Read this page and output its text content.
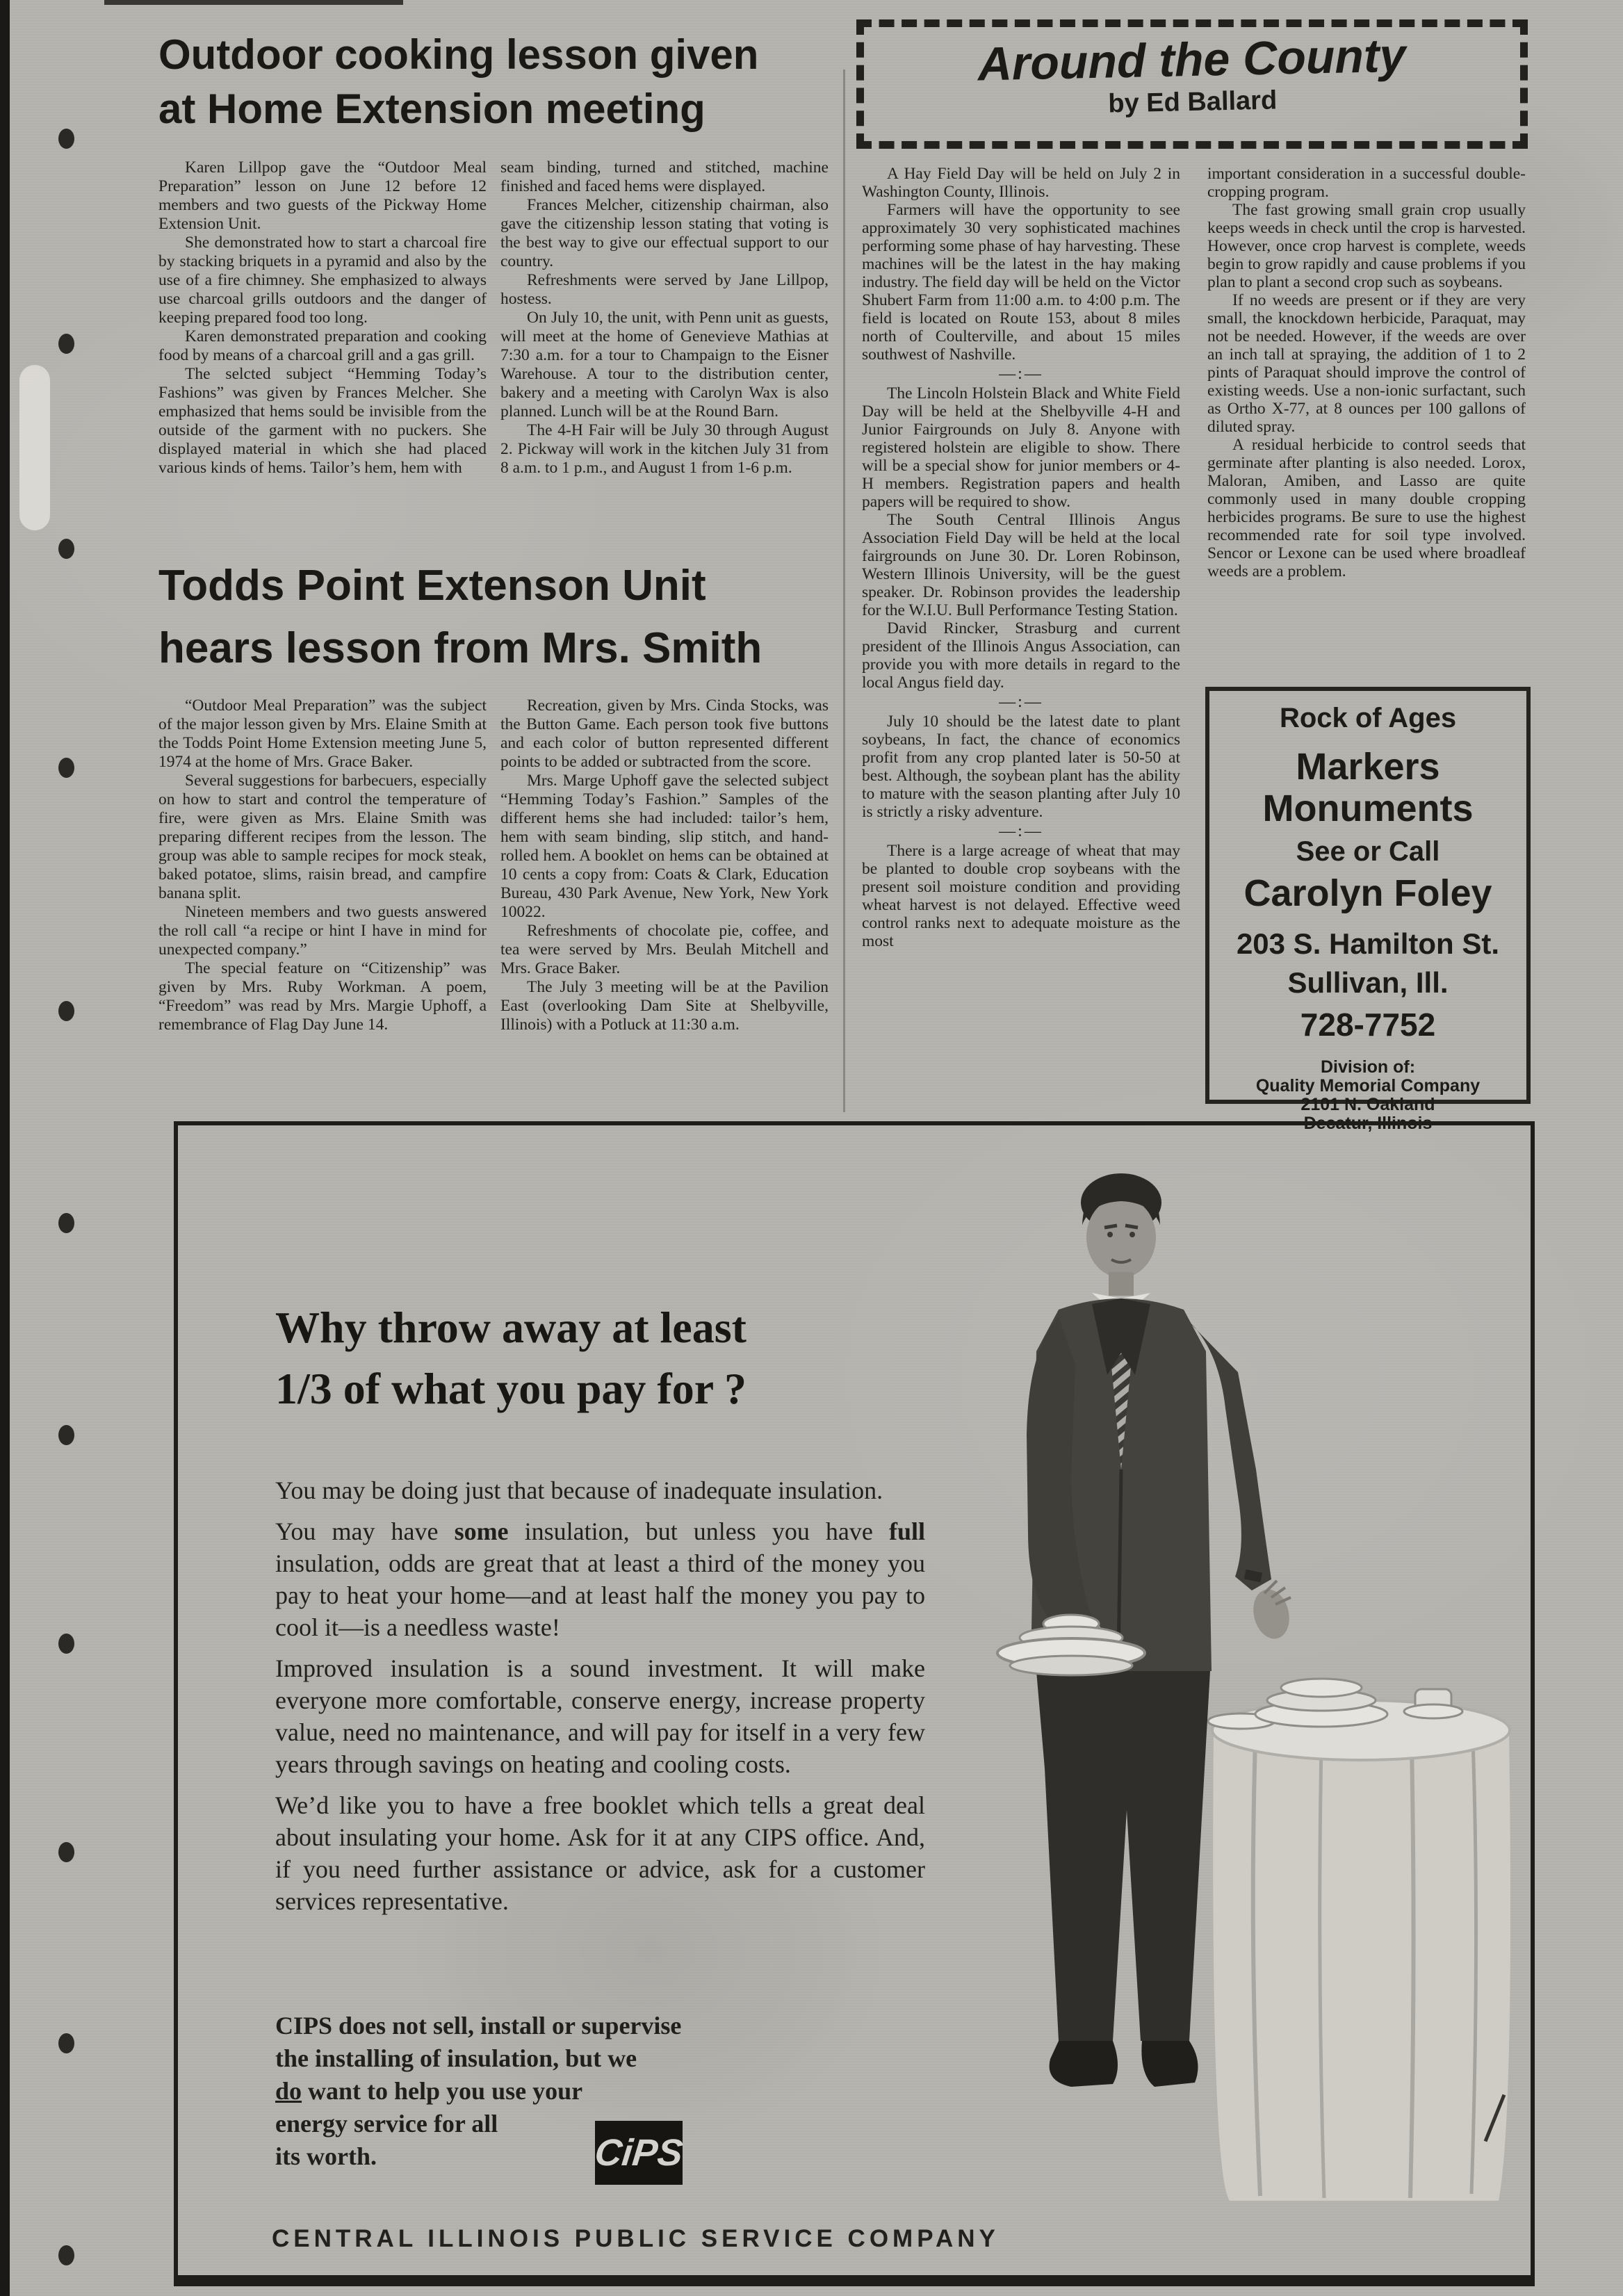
Outdoor cooking lesson given
at Home Extension meeting

Karen Lillpop gave the “Outdoor Meal Preparation” lesson on June 12 before 12 members and two guests of the Pickway Home Extension Unit.

She demonstrated how to start a charcoal fire by stacking briquets in a pyramid and also by the use of a fire chimney. She emphasized to always use charcoal grills outdoors and the danger of keeping prepared food too long.

Karen demonstrated preparation and cooking food by means of a charcoal grill and a gas grill.

The selcted subject “Hemming Today’s Fashions” was given by Frances Melcher. She emphasized that hems sould be invisible from the outside of the garment with no puckers. She displayed material in which she had placed various kinds of hems. Tailor’s hem, hem with

seam binding, turned and stitched, machine finished and faced hems were displayed.

Frances Melcher, citizenship chairman, also gave the citizenship lesson stating that voting is the best way to give our effectual support to our country.

Refreshments were served by Jane Lillpop, hostess.

On July 10, the unit, with Penn unit as guests, will meet at the home of Genevieve Mathias at 7:30 a.m. for a tour to Champaign to the Eisner Warehouse. A tour to the distribution center, bakery and a meeting with Carolyn Wax is also planned. Lunch will be at the Round Barn.

The 4-H Fair will be July 30 through August 2. Pickway will work in the kitchen July 31 from 8 a.m. to 1 p.m., and August 1 from 1-6 p.m.

Around the County
by Ed Ballard

A Hay Field Day will be held on July 2 in Washington County, Illinois.

Farmers will have the opportunity to see approximately 30 very sophisticated machines performing some phase of hay harvesting. These machines will be the latest in the hay making industry. The field day will be held on the Victor Shubert Farm from 11:00 a.m. to 4:00 p.m. The field is located on Route 153, about 8 miles north of Coulterville, and about 15 miles southwest of Nashville.

—:—

The Lincoln Holstein Black and White Field Day will be held at the Shelbyville 4-H and Junior Fairgrounds on July 8. Anyone with registered holstein are eligible to show. There will be a special show for junior members or 4-H members. Registration papers and health papers will be required to show.

The South Central Illinois Angus Association Field Day will be held at the local fairgrounds on June 30. Dr. Loren Robinson, Western Illinois University, will be the guest speaker. Dr. Robinson provides the leadership for the W.I.U. Bull Performance Testing Station.

David Rincker, Strasburg and current president of the Illinois Angus Association, can provide you with more details in regard to the local Angus field day.

—:—

July 10 should be the latest date to plant soybeans, In fact, the chance of economics profit from any crop planted later is 50-50 at best. Although, the soybean plant has the ability to mature with the season planting after July 10 is strictly a risky adventure.

—:—

There is a large acreage of wheat that may be planted to double crop soybeans with the present soil moisture condition and providing wheat harvest is not delayed. Effective weed control ranks next to adequate moisture as the most

important consideration in a successful double-cropping program.

The fast growing small grain crop usually keeps weeds in check until the crop is harvested. However, once crop harvest is complete, weeds begin to grow rapidly and cause problems if you plan to plant a second crop such as soybeans.

If no weeds are present or if they are very small, the knockdown herbicide, Paraquat, may not be needed. However, if the weeds are over an inch tall at spraying, the addition of 1 to 2 pints of Paraquat should improve the control of existing weeds. Use a non-ionic surfactant, such as Ortho X-77, at 8 ounces per 100 gallons of diluted spray.

A residual herbicide to control seeds that germinate after planting is also needed. Lorox, Maloran, Amiben, and Lasso are quite commonly used in many double cropping herbicides programs. Be sure to use the highest recommended rate for soil type involved. Sencor or Lexone can be used where broadleaf weeds are a problem.

Rock of Ages
Markers
Monuments
See or Call
Carolyn Foley
203 S. Hamilton St.
Sullivan, Ill.
728-7752
Division of:
Quality Memorial Company
2101 N. Oakland
Decatur, Illinois
Todds Point Extenson Unit
hears lesson from Mrs. Smith

“Outdoor Meal Preparation” was the subject of the major lesson given by Mrs. Elaine Smith at the Todds Point Home Extension meeting June 5, 1974 at the home of Mrs. Grace Baker.

Several suggestions for barbecuers, especially on how to start and control the temperature of fire, were given as Mrs. Elaine Smith was preparing different recipes from the lesson. The group was able to sample recipes for mock steak, baked potatoe, slims, raisin bread, and campfire banana split.

Nineteen members and two guests answered the roll call “a recipe or hint I have in mind for unexpected company.”

The special feature on “Citizenship” was given by Mrs. Ruby Workman. A poem, “Freedom” was read by Mrs. Margie Uphoff, a remembrance of Flag Day June 14.

Recreation, given by Mrs. Cinda Stocks, was the Button Game. Each person took five buttons and each color of button represented different points to be added or subtracted from the score.

Mrs. Marge Uphoff gave the selected subject “Hemming Today’s Fashion.” Samples of the different hems she had included: tailor’s hem, hem with seam binding, slip stitch, and hand-rolled hem. A booklet on hems can be obtained at 10 cents a copy from: Coats & Clark, Education Bureau, 430 Park Avenue, New York, New York 10022.

Refreshments of chocolate pie, coffee, and tea were served by Mrs. Beulah Mitchell and Mrs. Grace Baker.

The July 3 meeting will be at the Pavilion East (overlooking Dam Site at Shelbyville, Illinois) with a Potluck at 11:30 a.m.

Why throw away at least
1/3 of what you pay for ?

You may be doing just that because of inadequate insulation.

You may have some insulation, but unless you have full insulation, odds are great that at least a third of the money you pay to heat your home—and at least half the money you pay to cool it—is a needless waste!

Improved insulation is a sound investment. It will make everyone more comfortable, conserve energy, increase property value, need no maintenance, and will pay for itself in a very few years through savings on heating and cooling costs.

We’d like you to have a free booklet which tells a great deal about insulating your home. Ask for it at any CIPS office. And, if you need further assistance or advice, ask for a customer services representative.

CIPS does not sell, install or supervise
the installing of insulation, but we
do want to help you use your
energy service for all
its worth.	CiPS
CENTRAL ILLINOIS PUBLIC SERVICE COMPANY
